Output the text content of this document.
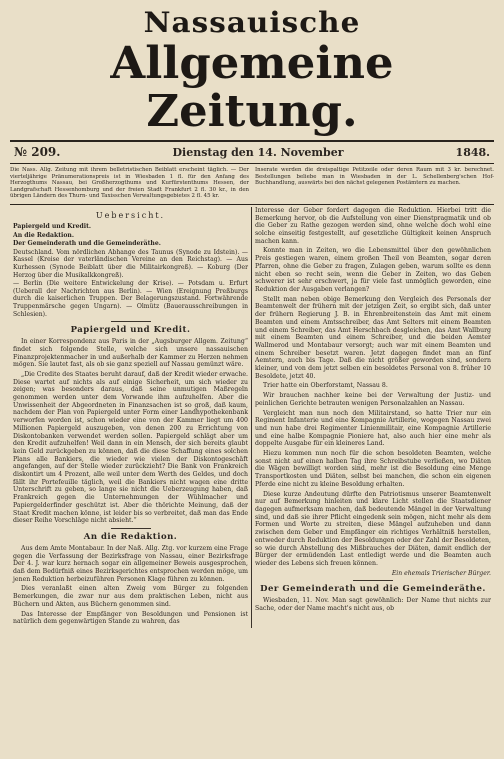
Nassauische
Allgemeine Zeitung.
№ 209.	Dienstag den 14. November	1848.

Die Nass. Allg. Zeitung mit ihrem belletristischen Beiblatt erscheint täglich. — Der vierteljährige Pränumerationspreis ist in Wiesbaden 1 fl. für den Anfang des Herzogthums Nassau, bei Großherzogthums und Kurfürstenthums Hessen, der Landgrafschaft Hessenhomburg und der freien Stadt Frankfurt 2 fl. 30 kr., in den übrigen Ländern des Thurn- und Taxisschen Verwaltungsgebietes 2 fl. 45 kr.

Inserate werden die dreispaltige Petitzeile oder deren Raum mit 3 kr. berechnet. Bestellungen beliebe man in Wiesbaden in der L. Schellenberg'schen Hof-Buchhandlung, auswärts bei den nächst gelegenen Postämtern zu machen.

Uebersicht.
Papiergeld und Kredit.
An die Redaktion.
Der Gemeinderath und die Gemeinderäthe.
Deutschland. Vom nördlichen Abhange des Taunus (Synode zu Idstein). — Kassel (Kreise der vaterländischen Vereine an den Reichstag). — Aus Kurhessen (Synode Beiblatt über die Militairkongreß). — Koburg (Der Herzog über die Musikalkkongreß).
— Berlin (Die weitere Entwickelung der Krise). — Potsdam u. Erfurt (Ueberall der Nachrichten aus Berlin). — Wien (Ereignung Preßburgs durch die kaiserlichen Truppen. Der Belagerungszustand. Fortwährende Truppenmärsche gegen Ungarn). — Olmütz (Bauerausschreibungen in Schlesien).
Papiergeld und Kredit.

In einer Korrespondenz aus Paris in der „Augsburger Allgem. Zeitung“ findet sich folgende Stelle, welche sich unsere nassauischen Finanzprojektenmacher in und außerhalb der Kammer zu Herzen nehmen mögen. Sie lautet fast, als ob sie ganz speziell auf Nassau gemünzt wäre.

„Die Credite des Staates beruht darauf, daß der Kredit wieder erwache. Diese wartet auf nichts als auf einige Sicherheit, um sich wieder zu zeigen; was besonders daraus, daß seine unmutigen Maßregeln genommen werden unter dem Vorwande ihm aufzuhelfen. Aber die Unwissenheit der Abgeordneten in Finanzsachen ist so groß, daß kaum, nachdem der Plan von Papiergeld unter Form einer Landhypothekenbank verworfen worden ist, schon wieder eine von der Kammer liegt um 400 Millionen Papiergeld auszugeben, von denen 200 zu Errichtung von Diskontobanken verwendet werden sollen. Papiergeld schlägt aber um den Kredit aufzuhelfen! Weil dann in ein Mensch, der sich bereits glaubt kein Geld zurückgeben zu können, daß die diese Schaffung eines solchen Plans alle Bankiers, die wieder wie vielen der Diskontogeschäft angefangen, auf der Stelle wieder zurückzieht? Die Bank von Frankreich diskontirt um 4 Prozent, alle weil unter dem Werth des Geldes, und doch fällt ihr Portefeuille täglich, weil die Bankiers nicht wagen eine dritte Unterschrift zu geben, so lange sie nicht die Ueberzeugung haben, daß Frankreich gegen die Unternehmungen der Wühlmacher und Papiergelderfinder geschützt ist. Aber die thörichte Meinung, daß der Staat Kredit machen könne, ist leider bis so verbreitet, daß man das Ende dieser Reihe Vorschläge nicht absieht.“

An die Redaktion.

Aus dem Amte Montabaur. In der Naß. Allg. Ztg. vor kurzem eine Frage gegen die Verfassung der Bezirksfrage von Nassau, einer Bezirksfrage Der 4. J. war kurz hernach sogar ein allgemeiner Beweis ausgesprochen, daß dem Bedürfniß eines Bezirksgerichtes entsprochen werden möge, um jenen Reduktion herbeizuführen Personen Klage führen zu können.

Dies veranlaßt einen alten Zweig vom Bürger zu folgenden Bemerkungen, die zwar nur aus dem praktischen Leben, nicht aus Büchern und Akten, aus Büchern genommen sind.

Das Interesse der Empfänger von Besoldungen und Pensionen ist natürlich dem gegenwärtigen Stande zu wahren, das

Interesse der Geber fordert dagegen die Reduktion. Hierbei tritt die Bemerkung hervor, ob die Aufstellung von einer Dienstpragmatik und ob die Geber zu Rathe gezogen werden sind, ohne welche doch wohl eine solche einseitig festgestellt, auf gesetzliche Gültigkeit keinen Anspruch machen kann.

Konnte man in Zeiten, wo die Lebensmittel über den gewöhnlichen Preis gestiegen waren, einem großen Theil von Beamten, sogar deren Pfarren, ohne die Geber zu fragen, Zulagen geben, warum sollte es denn nicht eben so recht sein, wenn die Geber in Zeiten, wo das Geben schwerer ist sehr erschwert, ja für viele fast unmöglich geworden, eine Reduktion der Ausgaben verlangen?

Stellt man neben obige Bemerkung den Vergleich des Personals der Beamtenwelt der frühern mit der jetzigen Zeit, so ergibt sich, daß unter der frühern Regierung J. B. in Ehrenbreitenstein das Amt mit einem Beamten und einem Amtsschreiber, das Amt Selters mit einem Beamten und einem Schreiber, das Amt Herschbach desgleichen, das Amt Wallburg mit einem Beamten und einem Schreiber, und die beiden Aemter Wallmerod und Montabaur versorgt; auch war mit einem Beamten und einem Schreiber besetzt waren. Jetzt dagegen findet man an fünf Aemtern, auch bis Tage. Daß die nicht größer geworden sind, sondern kleiner, und von dem jetzt selben ein besoldetes Personal von 8. früher 10 Besoldete, jetzt 40.

Trier hatte ein Oberforstamt, Nassau 8.

Wir brauchen nachher keine bei der Verwaltung der Justiz- und peinlichen Gerichte betrauten wenigen Personalzahlen an Nassau.

Vergleicht man nun noch den Militairstand, so hatte Trier nur ein Regiment Infanterie und eine Kompagnie Artillerie, wogegen Nassau zwei und nun habe drei Regimenter Linienmilitair, eine Kompagnie Artillerie und eine halbe Kompagnie Pioniere hat, also auch hier eine mehr als doppelte Ausgabe für ein kleineres Land.

Hiezu kommen nun noch für die schon besoldeten Beamten, welche sonst nicht auf einen halben Tag ihre Schreibstube verließen, wo Diäten die Wägen bewilligt worden sind, mehr ist die Besoldung eine Menge Transportkosten und Diäten, selbst bei manchen, die schon ein eigenen Pferde eine nicht zu kleine Besoldung erhalten.

Diese kurze Andeutung dürfte den Patriotismus unserer Beamtenwelt nur auf Bemerkung hinleiten und klare Licht stellen die Staatsdiener dagegen aufmerksam machen, daß bedeutende Mängel in der Verwaltung sind, und daß sie ihrer Pflicht eingedenk sein mögen, nicht mehr als dem Formen und Worte zu streiten, diese Mängel aufzuheben und dann zwischen dem Geber und Empfänger ein richtiges Verhältniß herstellen, entweder durch Reduktion der Besoldungen oder der Zahl der Besoldeten, so wie durch Abstellung des Mißbrauches der Diäten, damit endlich der Bürger der ermüdenden Last entledigt werde und die Beamten auch wieder des Lebens sich freuen können.

Ein ehemals Trierischer Bürger.
Der Gemeinderath und die Gemeinderäthe.

Wiesbaden, 11. Nov. Man sagt gewöhnlich: Der Name thut nichts zur Sache, oder der Name macht's nicht aus, ob
